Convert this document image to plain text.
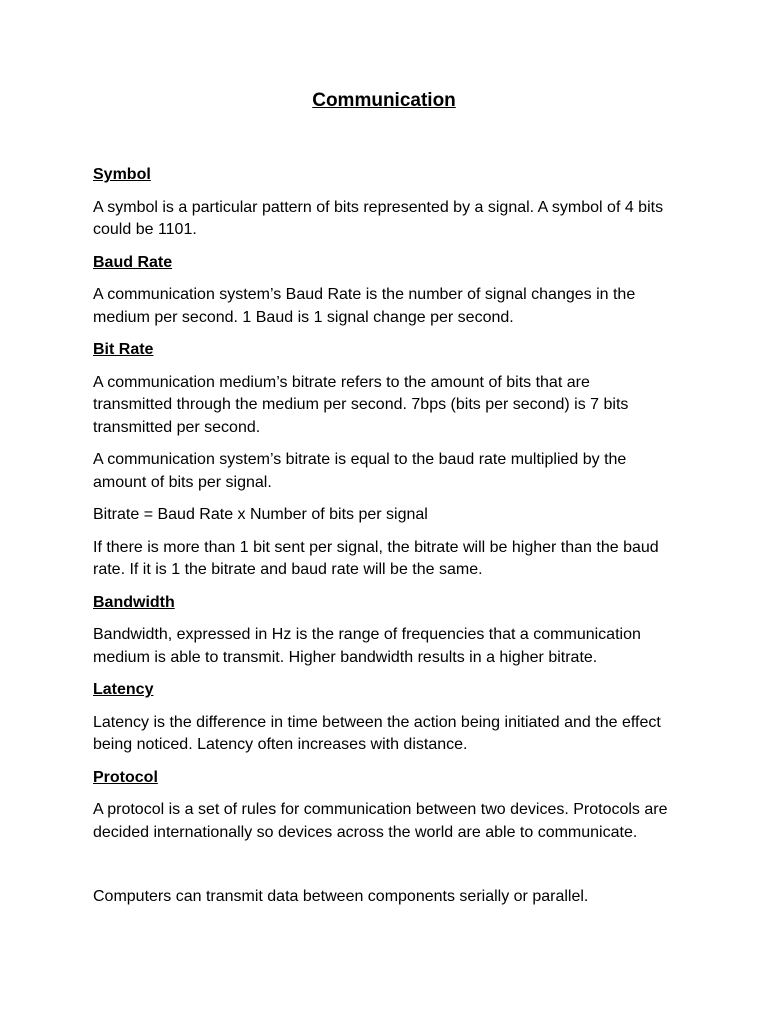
Communication
Symbol
A symbol is a particular pattern of bits represented by a signal. A symbol of 4 bits could be 1101.
Baud Rate
A communication system’s Baud Rate is the number of signal changes in the medium per second. 1 Baud is 1 signal change per second.
Bit Rate
A communication medium’s bitrate refers to the amount of bits that are transmitted through the medium per second. 7bps (bits per second) is 7 bits transmitted per second.
A communication system’s bitrate is equal to the baud rate multiplied by the amount of bits per signal.
Bitrate = Baud Rate x Number of bits per signal
If there is more than 1 bit sent per signal, the bitrate will be higher than the baud rate. If it is 1 the bitrate and baud rate will be the same.
Bandwidth
Bandwidth, expressed in Hz is the range of frequencies that a communication medium is able to transmit. Higher bandwidth results in a higher bitrate.
Latency
Latency is the difference in time between the action being initiated and the effect being noticed. Latency often increases with distance.
Protocol
A protocol is a set of rules for communication between two devices. Protocols are decided internationally so devices across the world are able to communicate.
Computers can transmit data between components serially or parallel.
